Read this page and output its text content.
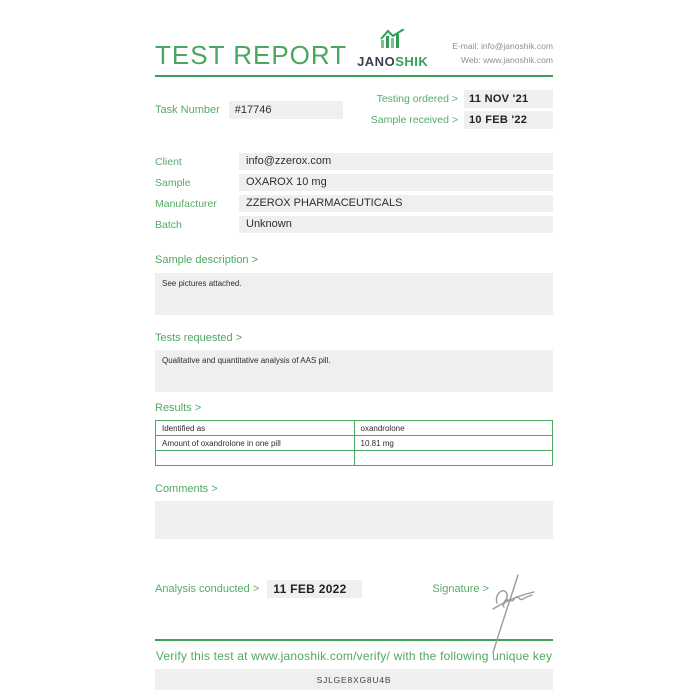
TEST REPORT JANOSHIK
E-mail: info@janoshik.com
Web: www.janoshik.com
Task Number	#17746
Testing ordered >	11 NOV '21
Sample received >	10 FEB '22
Client	info@zzerox.com
Sample	OXAROX 10 mg
Manufacturer	ZZEROX PHARMACEUTICALS
Batch	Unknown
Sample description >
See pictures attached.
Tests requested >
Qualitative and quantitative analysis of AAS pill.
Results >
Identified as	oxandrolone
Amount of oxandrolone in one pill	10.81 mg

Comments >
Analysis conducted >	11 FEB 2022	Signature >
Verify this test at www.janoshik.com/verify/ with the following unique key
SJLGE8XG8U4B
